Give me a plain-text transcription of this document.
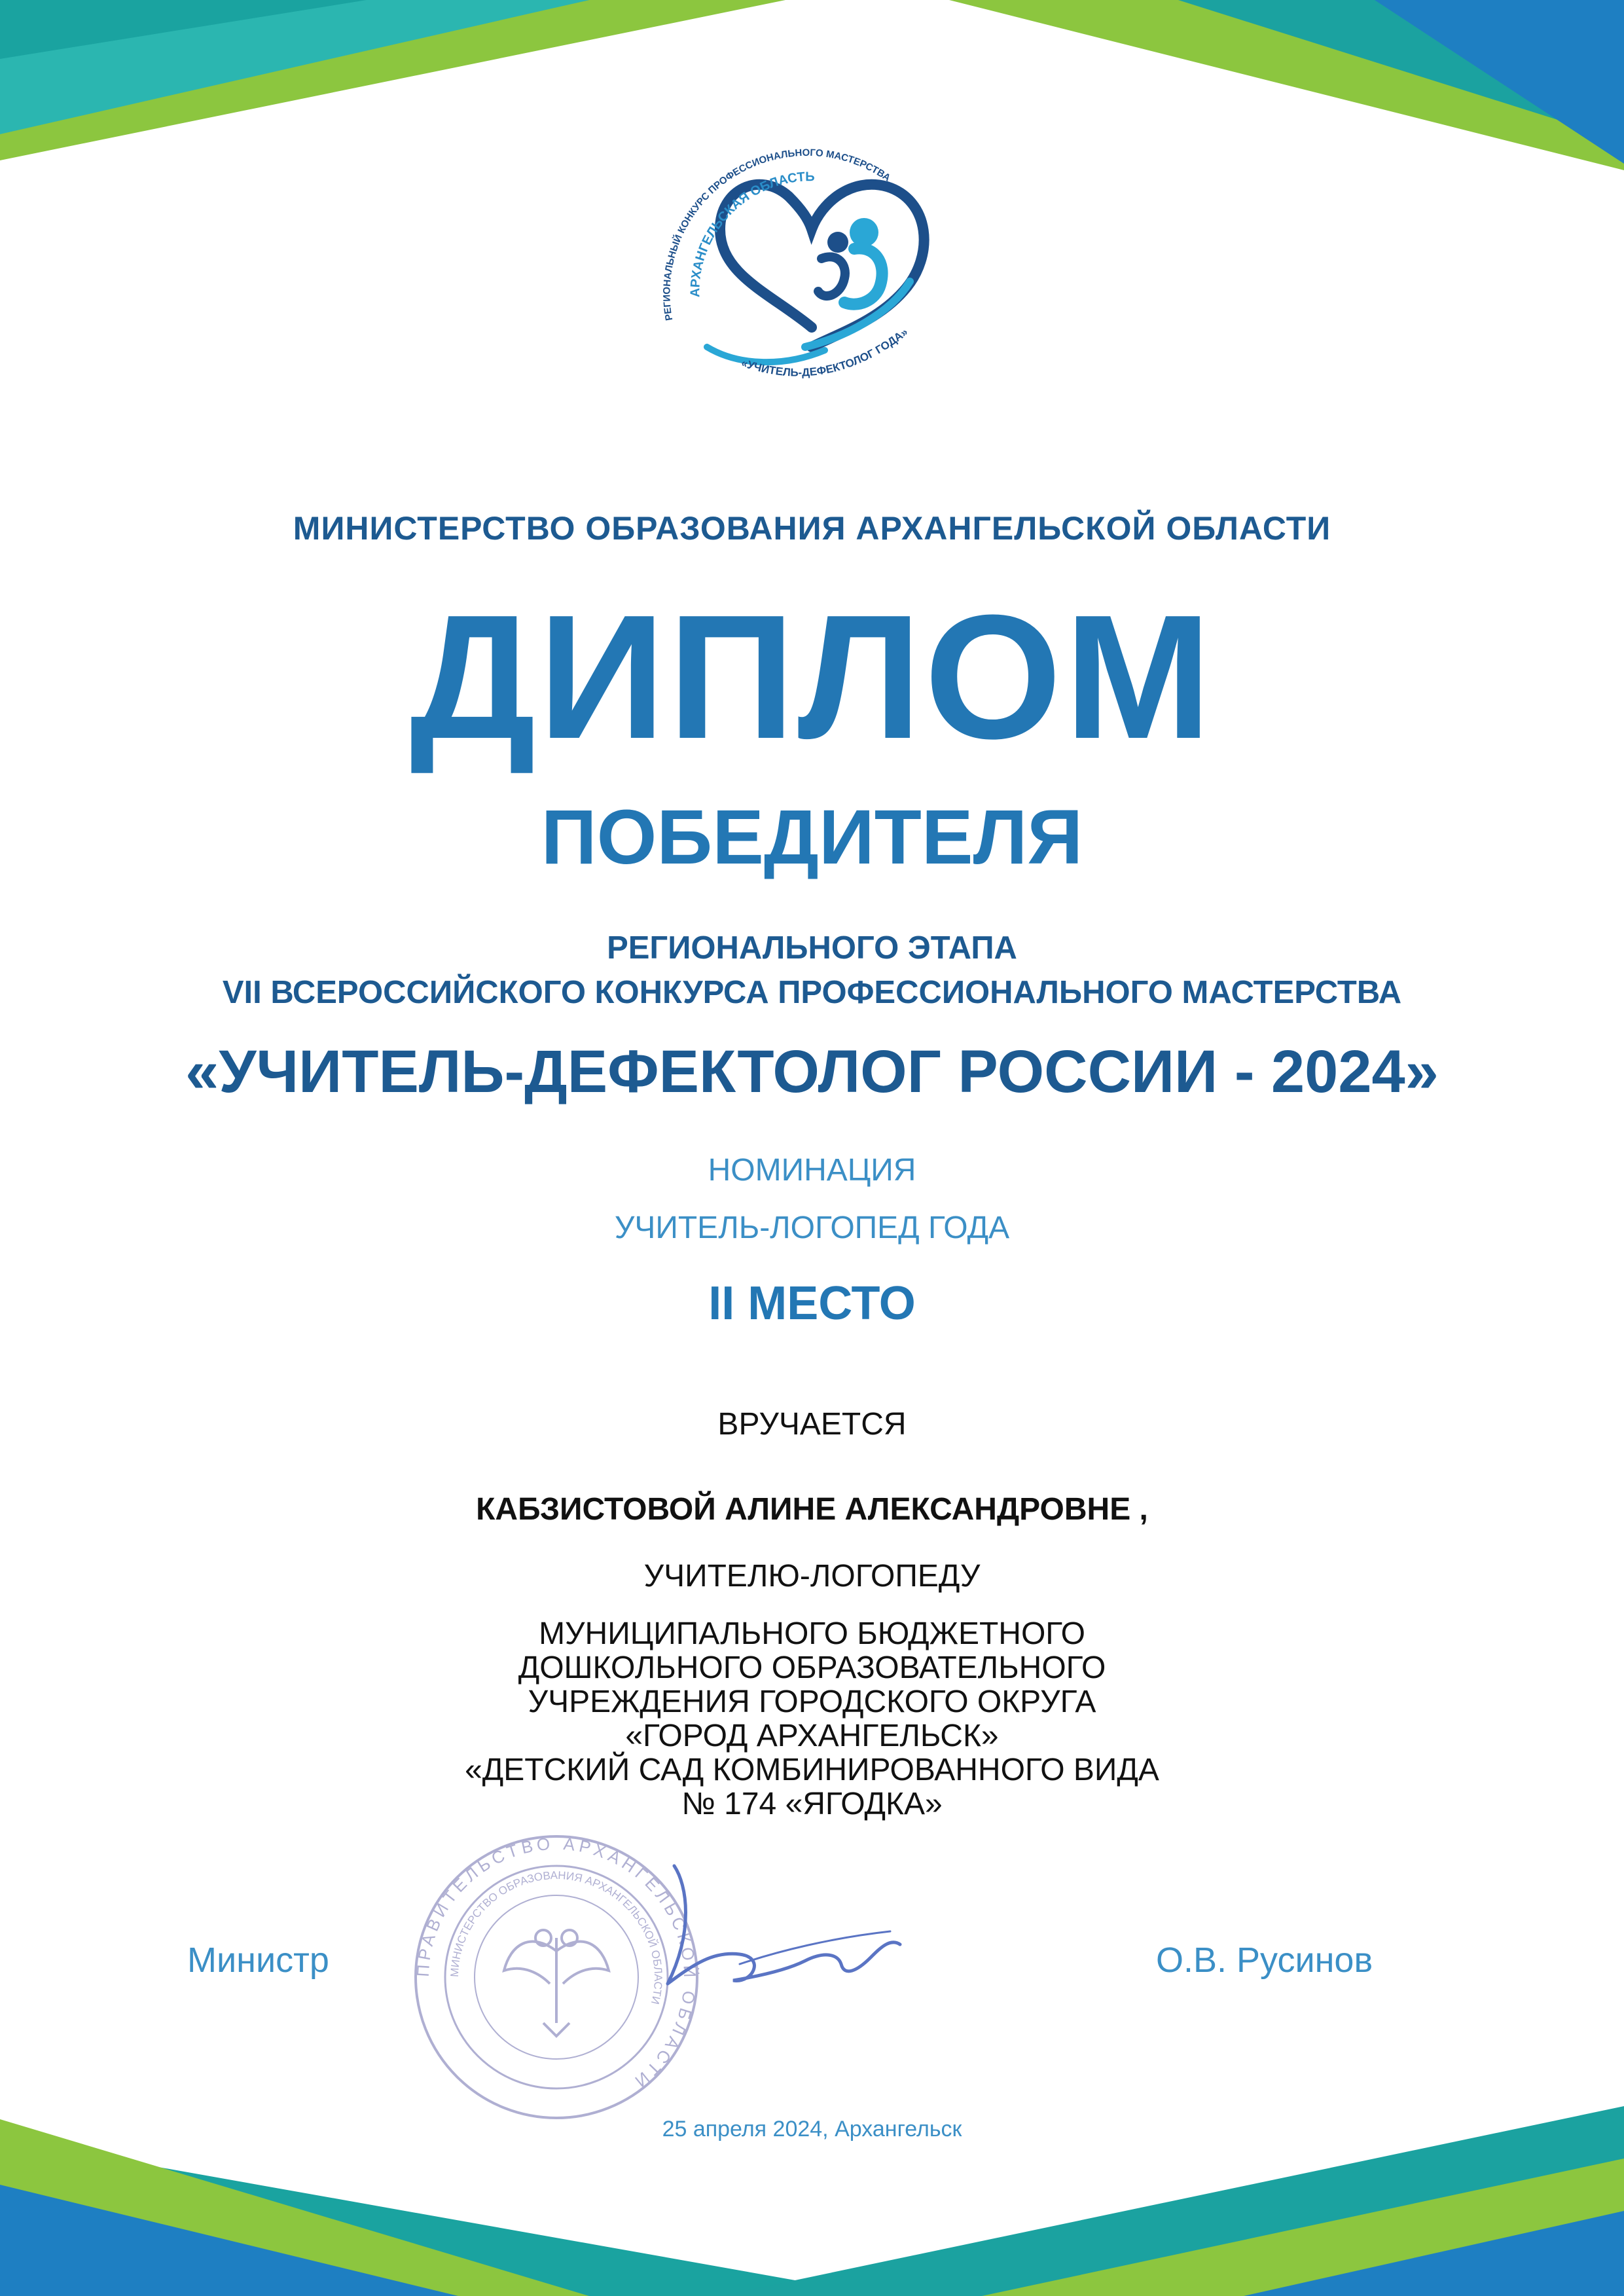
РЕГИОНАЛЬНЫЙ КОНКУРС ПРОФЕССИОНАЛЬНОГО МАСТЕРСТВА
АРХАНГЕЛЬСКАЯ ОБЛАСТЬ
«УЧИТЕЛЬ-ДЕФЕКТОЛОГ ГОДА»
МИНИСТЕРСТВО ОБРАЗОВАНИЯ АРХАНГЕЛЬСКОЙ ОБЛАСТИ
ДИПЛОМ
ПОБЕДИТЕЛЯ
РЕГИОНАЛЬНОГО ЭТАПА
VII ВСЕРОССИЙСКОГО КОНКУРСА ПРОФЕССИОНАЛЬНОГО МАСТЕРСТВА
«УЧИТЕЛЬ-ДЕФЕКТОЛОГ РОССИИ - 2024»
НОМИНАЦИЯ
УЧИТЕЛЬ-ЛОГОПЕД ГОДА
II МЕСТО
ВРУЧАЕТСЯ
КАБЗИСТОВОЙ АЛИНЕ АЛЕКСАНДРОВНЕ ,
УЧИТЕЛЮ-ЛОГОПЕДУ
МУНИЦИПАЛЬНОГО БЮДЖЕТНОГО
ДОШКОЛЬНОГО ОБРАЗОВАТЕЛЬНОГО
УЧРЕЖДЕНИЯ ГОРОДСКОГО ОКРУГА
«ГОРОД АРХАНГЕЛЬСК»
«ДЕТСКИЙ САД КОМБИНИРОВАННОГО ВИДА
№ 174 «ЯГОДКА»
ПРАВИТЕЛЬСТВО АРХАНГЕЛЬСКОЙ ОБЛАСТИ
МИНИСТЕРСТВО ОБРАЗОВАНИЯ АРХАНГЕЛЬСКОЙ ОБЛАСТИ
Министр	О.В. Русинов
25 апреля 2024, Архангельск
